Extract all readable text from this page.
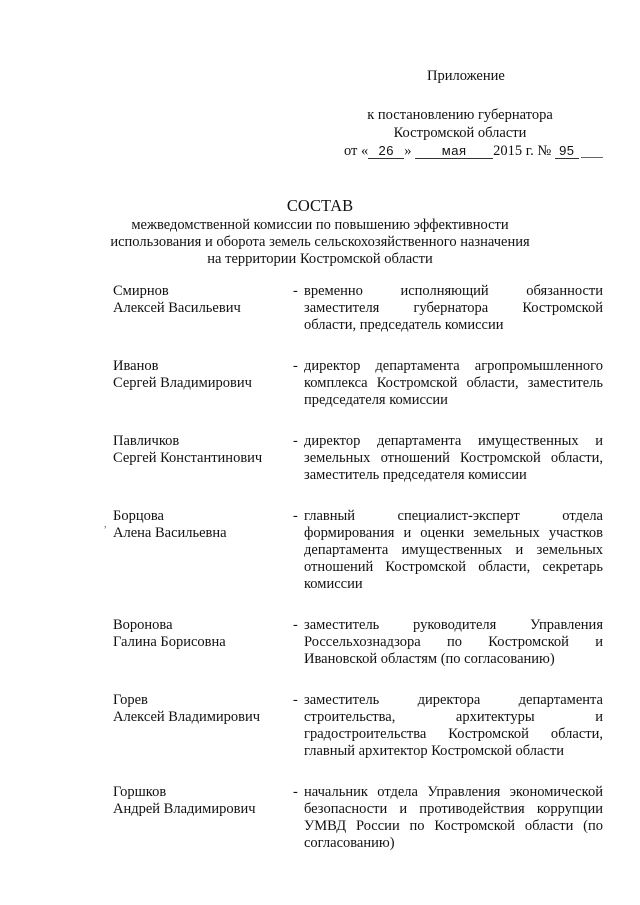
Приложение
к постановлению губернатора
Костромской области
от « 26 » мая 2015 г. № 95
СОСТАВ
межведомственной комиссии по повышению эффективности
использования и оборота земель сельскохозяйственного назначения
на территории Костромской области
,
Смирнов
Алексей Васильевич
- временно исполняющий обязанности
заместителя губернатора Костромской
области, председатель комиссии
Иванов
Сергей Владимирович
- директор департамента агропромышленного
комплекса Костромской области, заместитель
председателя комиссии
Павличков
Сергей Константинович
- директор департамента имущественных и
земельных отношений Костромской области,
заместитель председателя комиссии
Борцова
Алена Васильевна
- главный специалист-эксперт отдела
формирования и оценки земельных участков
департамента имущественных и земельных
отношений Костромской области, секретарь
комиссии
Воронова
Галина Борисовна
- заместитель руководителя Управления
Россельхознадзора по Костромской и
Ивановской областям (по согласованию)
Горев
Алексей Владимирович
- заместитель директора департамента
строительства, архитектуры и
градостроительства Костромской области,
главный архитектор Костромской области
Горшков
Андрей Владимирович
- начальник отдела Управления экономической
безопасности и противодействия коррупции
УМВД России по Костромской области (по
согласованию)
